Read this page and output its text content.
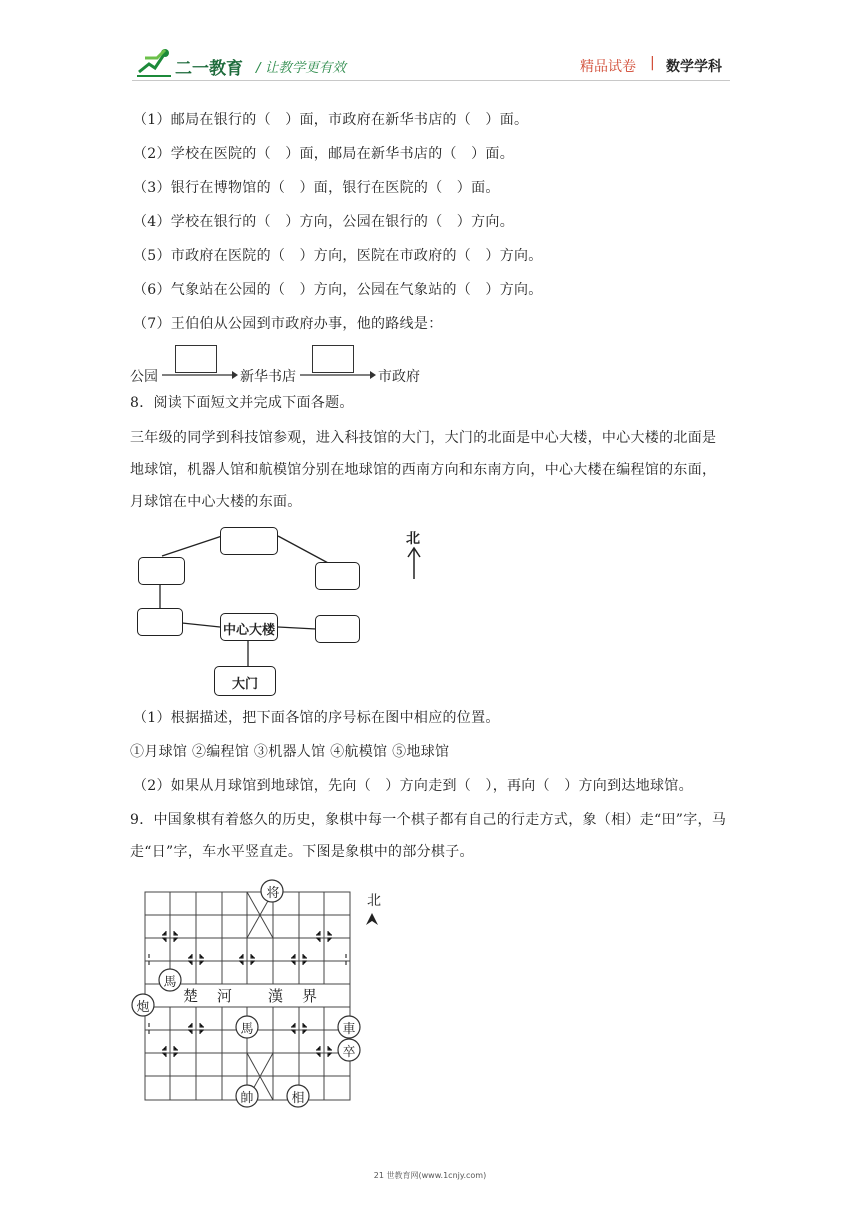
二一教育 / 让教学更有效	精品试卷 | 数学学科
（1）邮局在银行的（　）面，市政府在新华书店的（　）面。
（2）学校在医院的（　）面，邮局在新华书店的（　）面。
（3）银行在博物馆的（　）面，银行在医院的（　）面。
（4）学校在银行的（　）方向，公园在银行的（　）方向。
（5）市政府在医院的（　）方向，医院在市政府的（　）方向。
（6）气象站在公园的（　）方向，公园在气象站的（　）方向。
（7）王伯伯从公园到市政府办事，他的路线是：
公园	新华书店	市政府
8．阅读下面短文并完成下面各题。
三年级的同学到科技馆参观，进入科技馆的大门，大门的北面是中心大楼，中心大楼的北面是地球馆，机器人馆和航模馆分别在地球馆的西南方向和东南方向，中心大楼在编程馆的东面，月球馆在中心大楼的东面。
中心大楼
大门
北
（1）根据描述，把下面各馆的序号标在图中相应的位置。
①月球馆 ②编程馆 ③机器人馆 ④航模馆 ⑤地球馆
（2）如果从月球馆到地球馆，先向（　）方向走到（　），再向（　）方向到达地球馆。
9．中国象棋有着悠久的历史，象棋中每一个棋子都有自己的行走方式，象（相）走“田”字，马走“日”字，车水平竖直走。下图是象棋中的部分棋子。
楚　河 漢　界
北
将
馬
炮
馬	車
卒
帥	相
21 世教育网(www.1cnjy.com)
